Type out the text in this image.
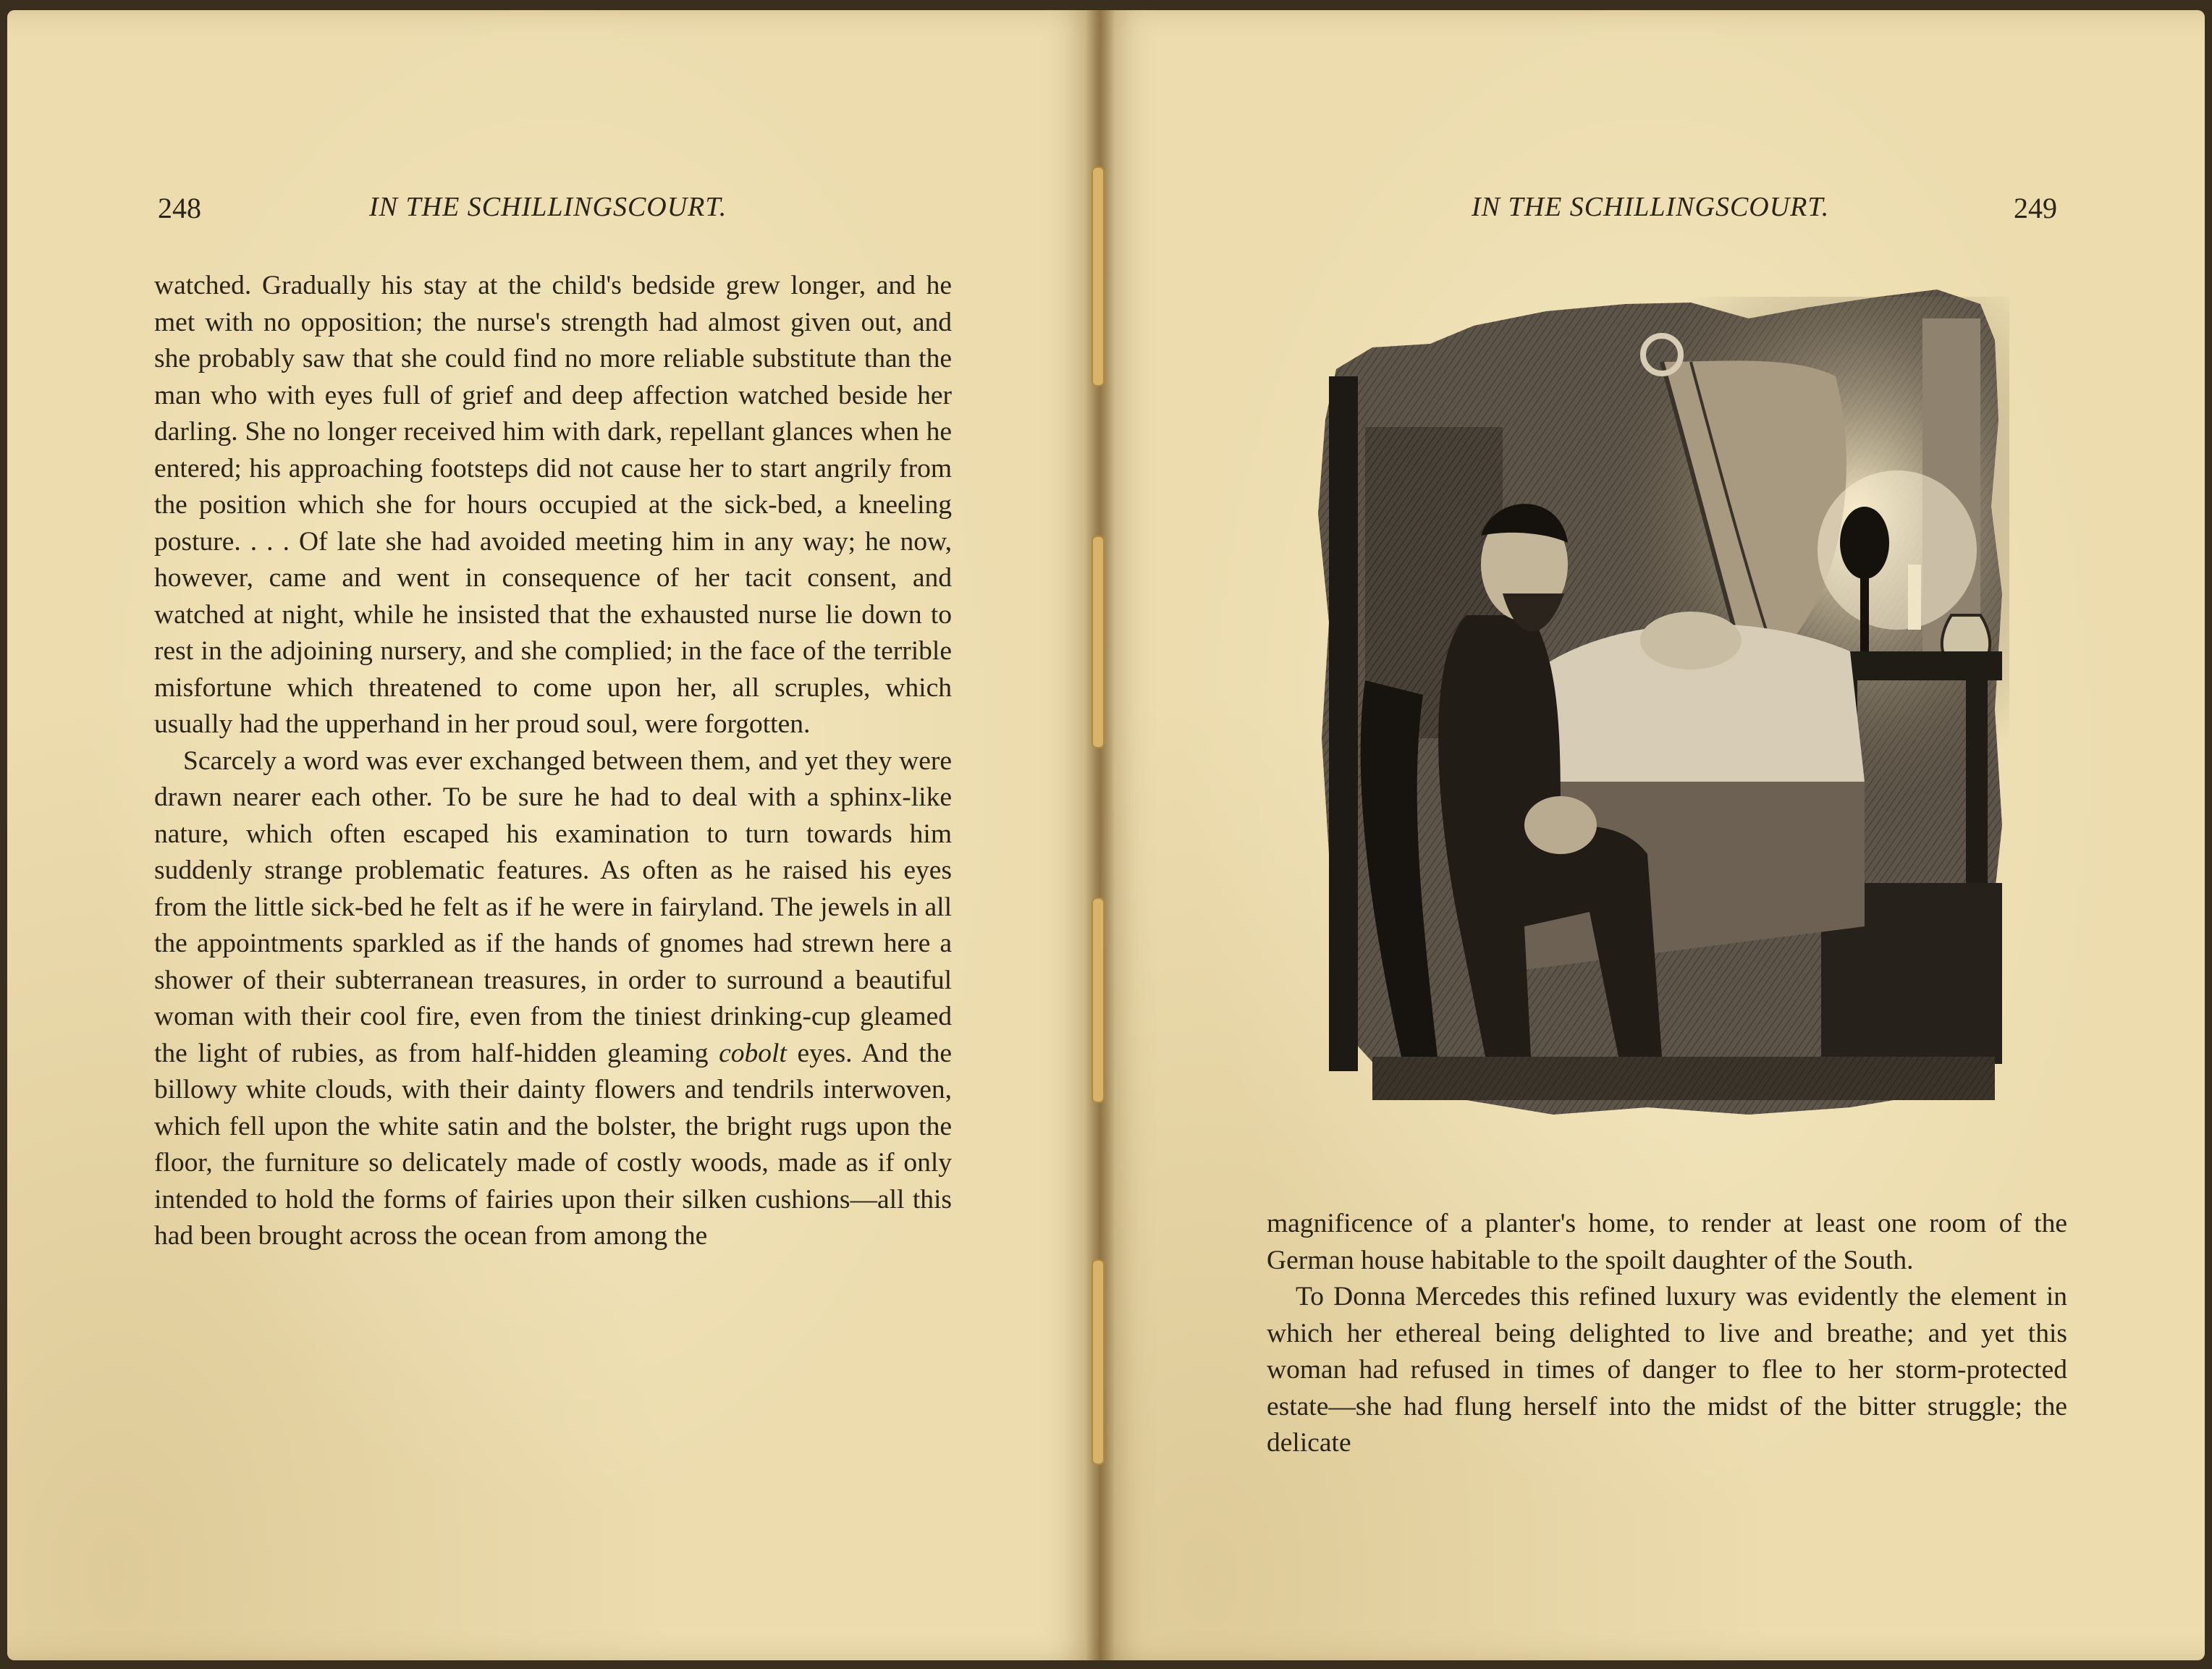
248	IN THE SCHILLINGSCOURT.

watched. Gradually his stay at the child's bedside grew longer, and he met with no opposition; the nurse's strength had almost given out, and she probably saw that she could find no more reliable substitute than the man who with eyes full of grief and deep affection watched beside her darling. She no longer received him with dark, repellant glances when he entered; his approaching footsteps did not cause her to start angrily from the position which she for hours occupied at the sick-bed, a kneeling posture. . . . Of late she had avoided meeting him in any way; he now, however, came and went in consequence of her tacit consent, and watched at night, while he insisted that the exhausted nurse lie down to rest in the adjoining nursery, and she complied; in the face of the terrible misfortune which threatened to come upon her, all scruples, which usually had the upperhand in her proud soul, were forgotten.

Scarcely a word was ever exchanged between them, and yet they were drawn nearer each other. To be sure he had to deal with a sphinx-like nature, which often escaped his examination to turn towards him suddenly strange problematic features. As often as he raised his eyes from the little sick-bed he felt as if he were in fairyland. The jewels in all the appointments sparkled as if the hands of gnomes had strewn here a shower of their subterranean treasures, in order to surround a beautiful woman with their cool fire, even from the tiniest drinking-cup gleamed the light of rubies, as from half-hidden gleaming cobolt eyes. And the billowy white clouds, with their dainty flowers and tendrils interwoven, which fell upon the white satin and the bolster, the bright rugs upon the floor, the furniture so delicately made of costly woods, made as if only intended to hold the forms of fairies upon their silken cushions—all this had been brought across the ocean from among the

IN THE SCHILLINGSCOURT.	249

magnificence of a planter's home, to render at least one room of the German house habitable to the spoilt daughter of the South.

To Donna Mercedes this refined luxury was evidently the element in which her ethereal being delighted to live and breathe; and yet this woman had refused in times of danger to flee to her storm-protected estate—she had flung herself into the midst of the bitter struggle; the delicate
